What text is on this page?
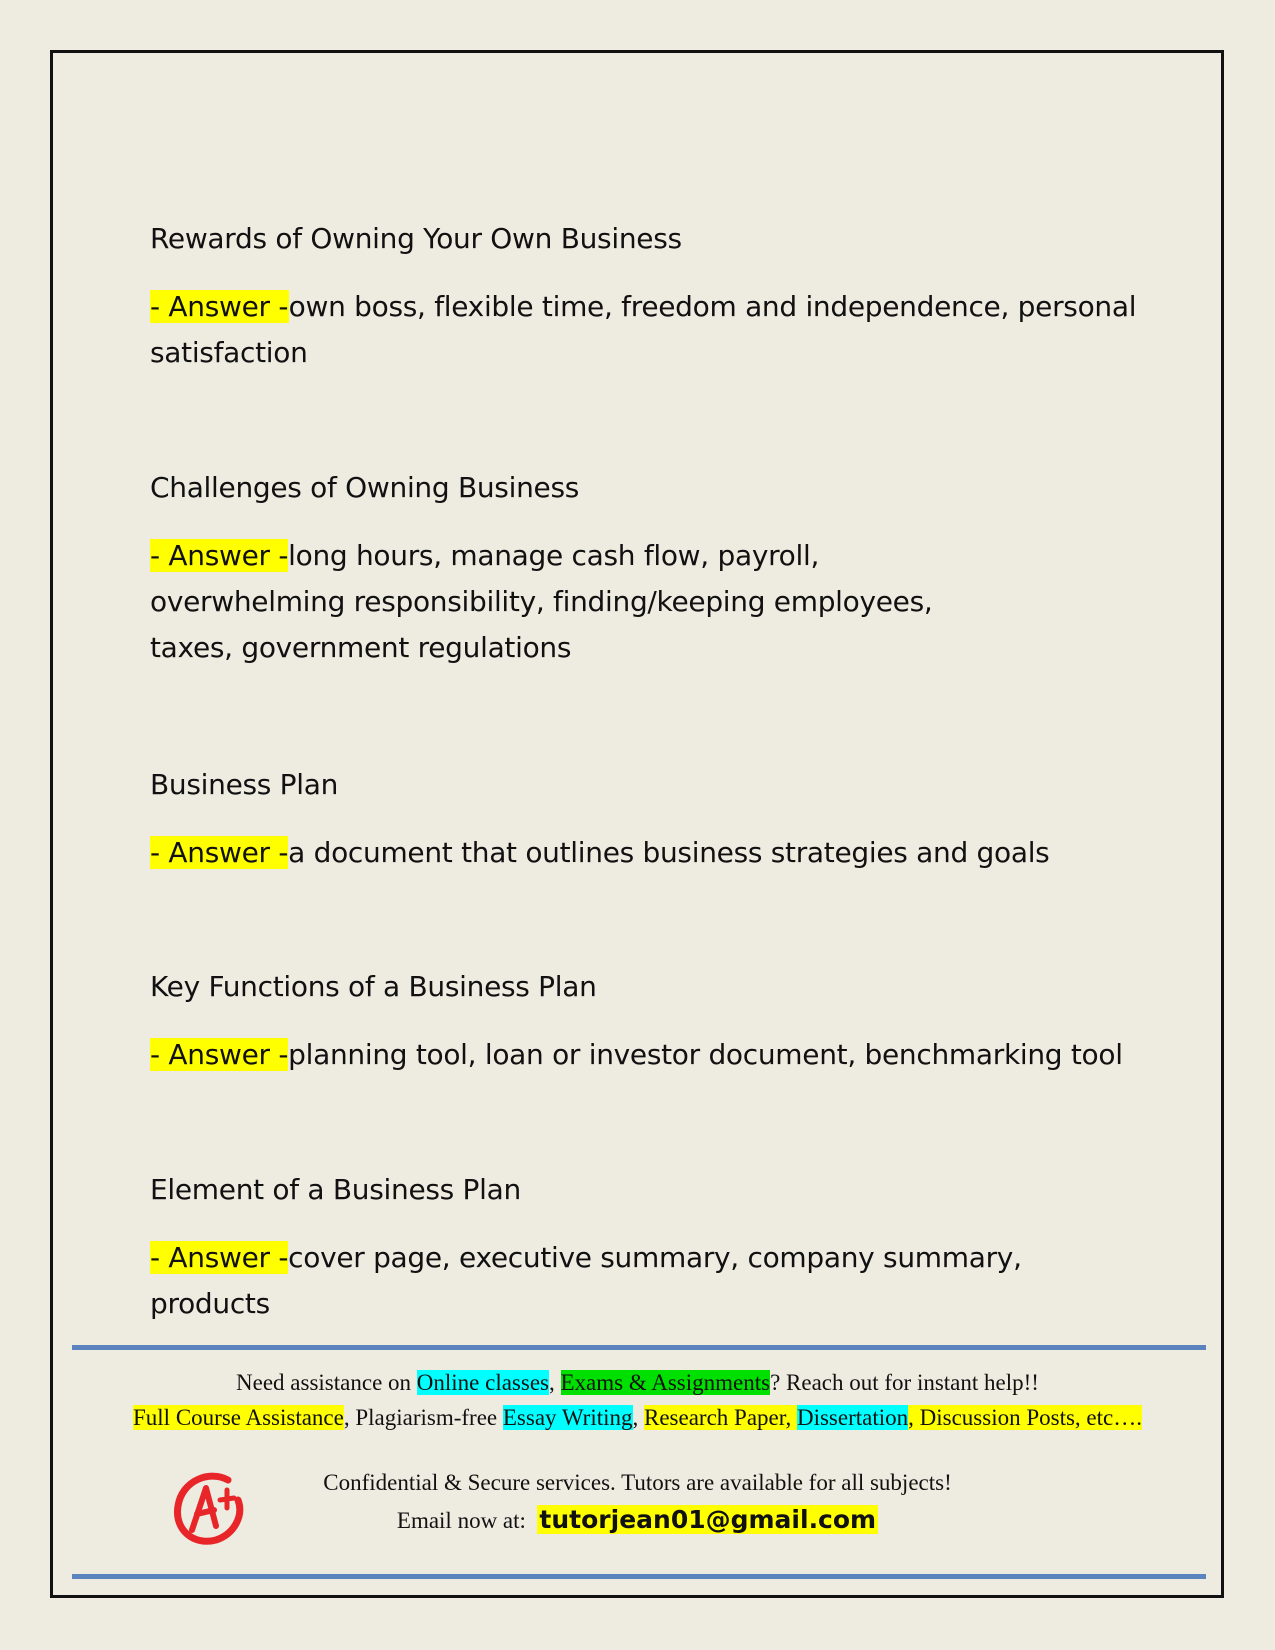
Rewards of Owning Your Own Business

- Answer -own boss, flexible time, freedom and independence, personal satisfaction

Challenges of Owning Business

- Answer -long hours, manage cash flow, payroll, overwhelming responsibility, finding/keeping employees, taxes, government regulations

Business Plan

- Answer -a document that outlines business strategies and goals

Key Functions of a Business Plan

- Answer -planning tool, loan or investor document, benchmarking tool

Element of a Business Plan

- Answer -cover page, executive summary, company summary, products
Need assistance on Online classes, Exams & Assignments? Reach out for instant help!!
Full Course Assistance, Plagiarism-free Essay Writing, Research Paper, Dissertation, Discussion Posts, etc….
Confidential & Secure services. Tutors are available for all subjects!
Email now at:  tutorjean01@gmail.com
